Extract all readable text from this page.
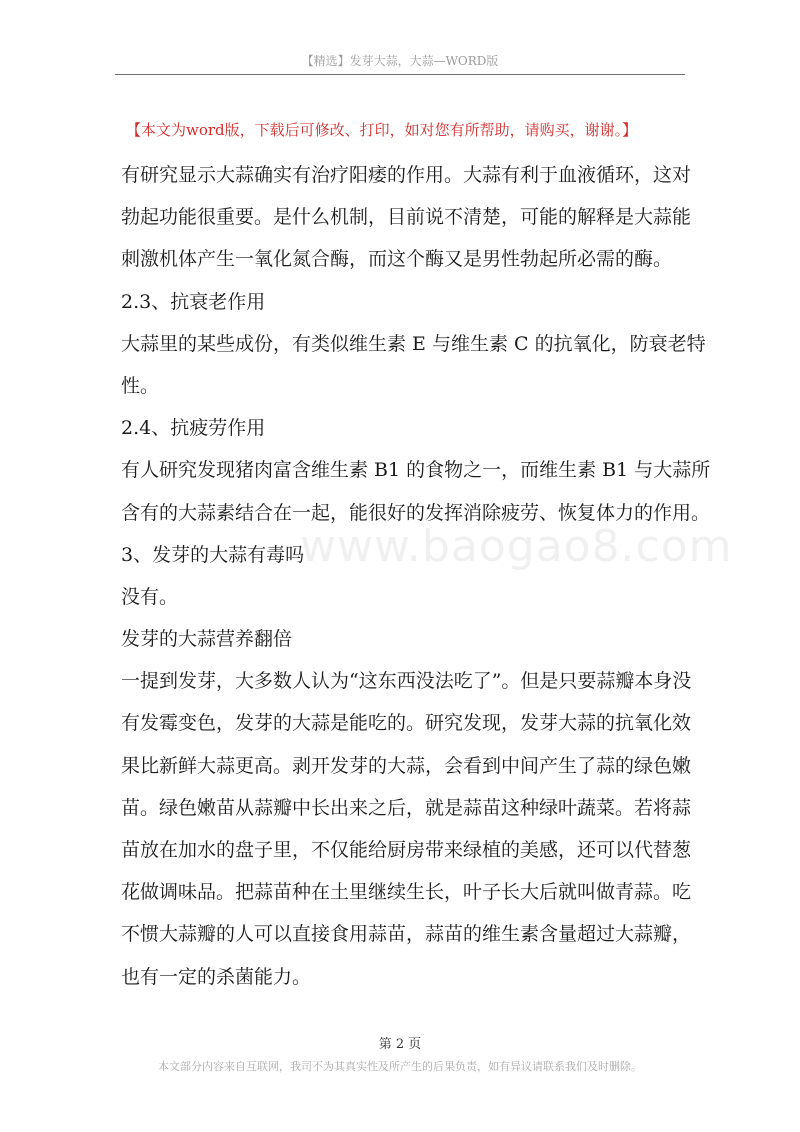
【精选】发芽大蒜，大蒜—WORD版
【本文为word版，下载后可修改、打印，如对您有所帮助，请购买，谢谢。】
www.baogao8.com
有研究显示大蒜确实有治疗阳痿的作用。大蒜有利于血液循环，这对
勃起功能很重要。是什么机制，目前说不清楚，可能的解释是大蒜能
刺激机体产生一氧化氮合酶，而这个酶又是男性勃起所必需的酶。
2.3、抗衰老作用
大蒜里的某些成份，有类似维生素 E 与维生素 C 的抗氧化，防衰老特
性。
2.4、抗疲劳作用
有人研究发现猪肉富含维生素 B1 的食物之一，而维生素 B1 与大蒜所
含有的大蒜素结合在一起，能很好的发挥消除疲劳、恢复体力的作用。
3、发芽的大蒜有毒吗
没有。
发芽的大蒜营养翻倍
一提到发芽，大多数人认为“这东西没法吃了”。但是只要蒜瓣本身没
有发霉变色，发芽的大蒜是能吃的。研究发现，发芽大蒜的抗氧化效
果比新鲜大蒜更高。剥开发芽的大蒜，会看到中间产生了蒜的绿色嫩
苗。绿色嫩苗从蒜瓣中长出来之后，就是蒜苗这种绿叶蔬菜。若将蒜
苗放在加水的盘子里，不仅能给厨房带来绿植的美感，还可以代替葱
花做调味品。把蒜苗种在土里继续生长，叶子长大后就叫做青蒜。吃
不惯大蒜瓣的人可以直接食用蒜苗，蒜苗的维生素含量超过大蒜瓣，
也有一定的杀菌能力。
第 2 页
本文部分内容来自互联网，我司不为其真实性及所产生的后果负责，如有异议请联系我们及时删除。
